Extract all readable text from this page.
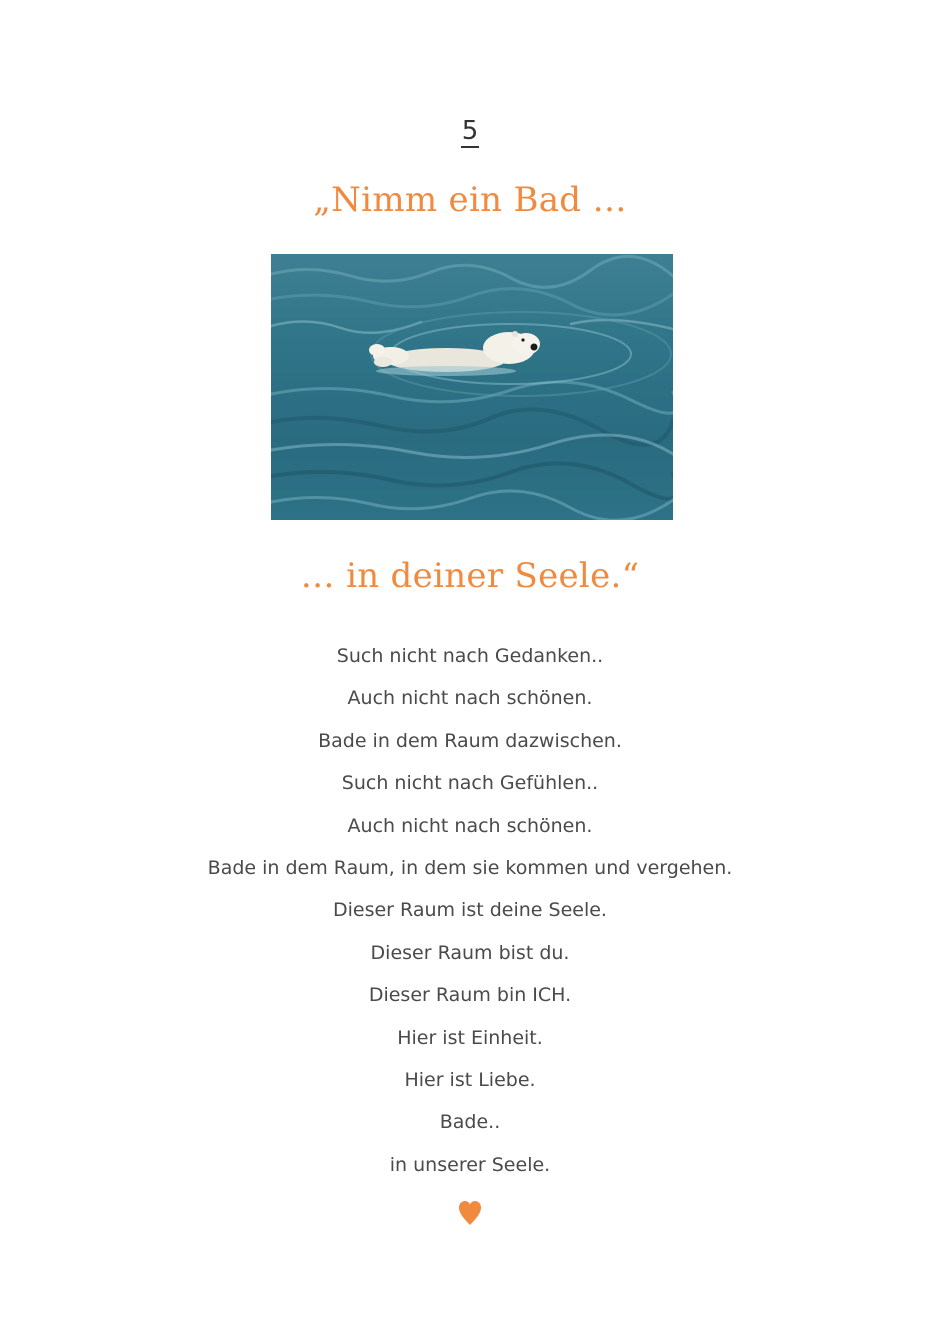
5
„Nimm ein Bad …
… in deiner Seele.“
Such nicht nach Gedanken..
Auch nicht nach schönen.
Bade in dem Raum dazwischen.
Such nicht nach Gefühlen..
Auch nicht nach schönen.
Bade in dem Raum, in dem sie kommen und vergehen.
Dieser Raum ist deine Seele.
Dieser Raum bist du.
Dieser Raum bin ICH.
Hier ist Einheit.
Hier ist Liebe.
Bade..
in unserer Seele.
